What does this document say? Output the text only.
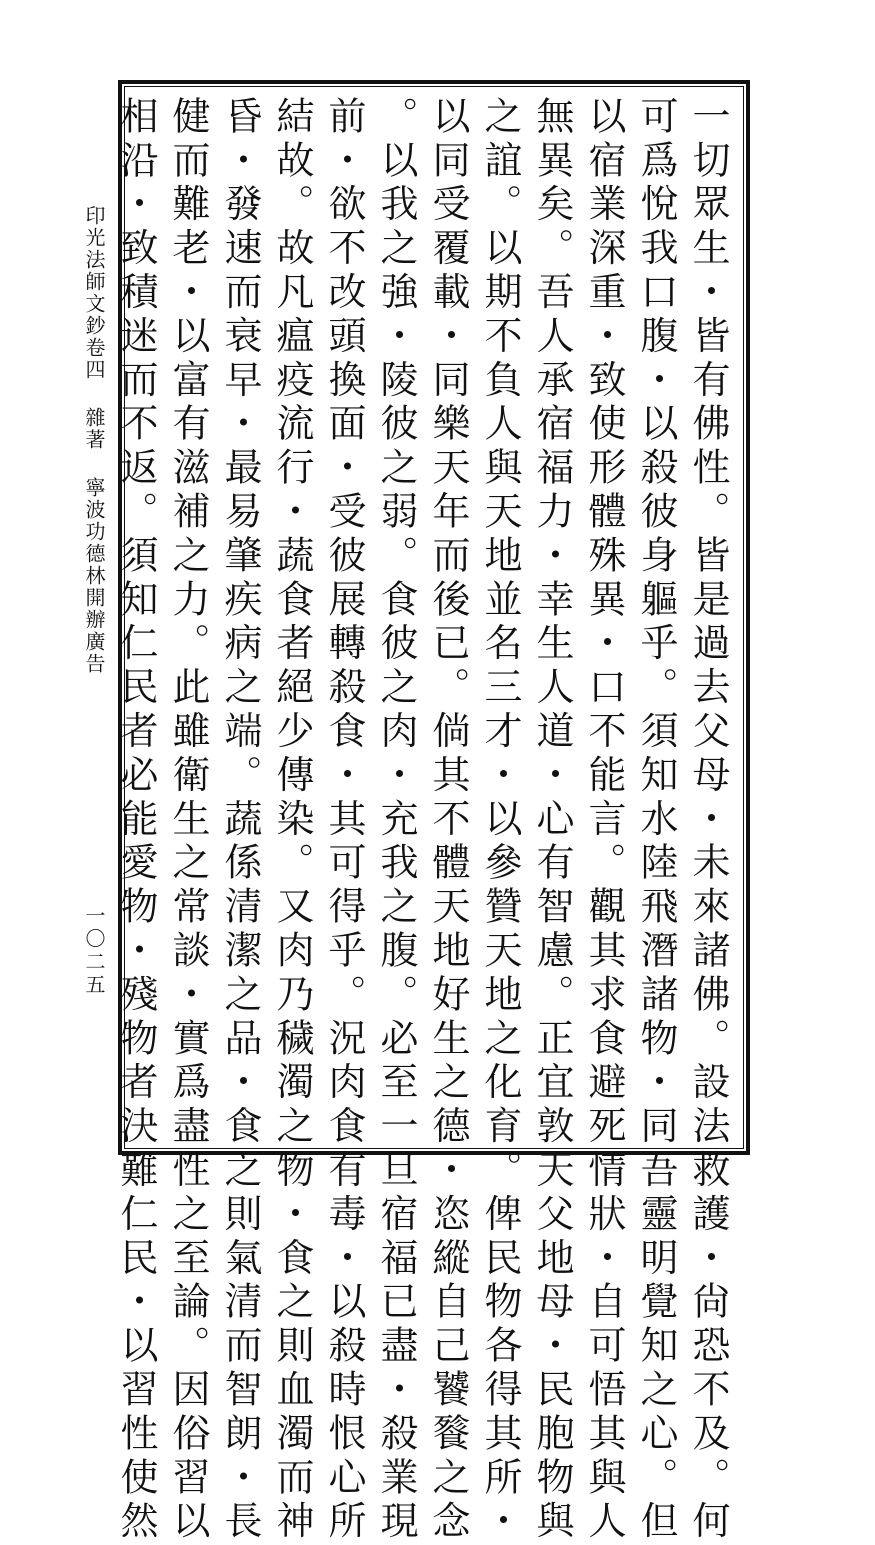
一切眾生・皆有佛性。皆是過去父母・未來諸佛。設法救護・尙恐不及。何
可爲悅我口腹・以殺彼身軀乎。須知水陸飛潛諸物・同吾靈明覺知之心。但
以宿業深重・致使形體殊異・口不能言。觀其求食避死情狀・自可悟其與人
無異矣。吾人承宿福力・幸生人道・心有智慮。正宜敦天父地母・民胞物與
之誼。以期不負人與天地並名三才・以參贊天地之化育。俾民物各得其所・
以同受覆載・同樂天年而後已。倘其不體天地好生之德・恣縱自己饕餮之念
。以我之強・陵彼之弱。食彼之肉・充我之腹。必至一旦宿福已盡・殺業現
前・欲不改頭換面・受彼展轉殺食・其可得乎。況肉食有毒・以殺時恨心所
結故。故凡瘟疫流行・蔬食者絕少傳染。又肉乃穢濁之物・食之則血濁而神
昏・發速而衰早・最易肇疾病之端。蔬係清潔之品・食之則氣清而智朗・長
健而難老・以富有滋補之力。此雖衛生之常談・實爲盡性之至論。因俗習以
相沿・致積迷而不返。須知仁民者必能愛物・殘物者決難仁民・以習性使然
印光法師文鈔卷四雜著寧波功德林開辦廣告
一〇二五
